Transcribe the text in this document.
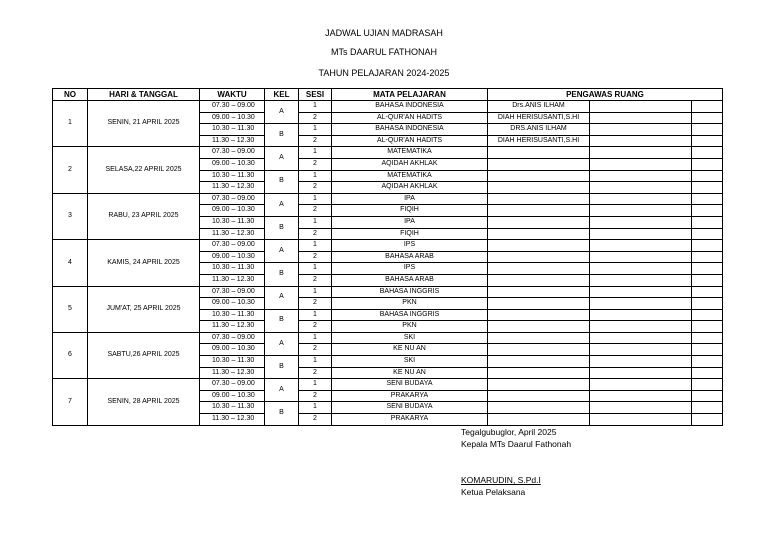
JADWAL UJIAN MADRASAH
MTs DAARUL FATHONAH
TAHUN PELAJARAN 2024-2025
NO	HARI & TANGGAL	WAKTU	KEL	SESI	MATA PELAJARAN	PENGAWAS RUANG		
1	SENIN, 21 APRIL 2025	07.30 – 09.00	A	1	BAHASA INDONESIA	Drs.ANIS ILHAM		
		09.00 – 10.30		2	AL-QUR'AN HADITS	DIAH HERISUSANTI,S.HI		
		10.30 – 11.30	B	1	BAHASA INDONESIA	DRS.ANIS ILHAM		
		11.30 – 12.30		2	AL-QUR'AN HADITS	DIAH HERISUSANTI,S.HI		
2	SELASA,22 APRIL 2025	07.30 – 09.00	A	1	MATEMATIKA			
		09.00 – 10.30		2	AQIDAH AKHLAK			
		10.30 – 11.30	B	1	MATEMATIKA			
		11.30 – 12.30		2	AQIDAH AKHLAK			
3	RABU, 23 APRIL 2025	07.30 – 09.00	A	1	IPA			
		09.00 – 10.30		2	FIQIH			
		10.30 – 11.30	B	1	IPA			
		11.30 – 12.30		2	FIQIH			
4	KAMIS, 24 APRIL 2025	07.30 – 09.00	A	1	IPS			
		09.00 – 10.30		2	BAHASA ARAB			
		10.30 – 11.30	B	1	IPS			
		11.30 – 12.30		2	BAHASA ARAB			
5	JUM'AT, 25 APRIL 2025	07.30 – 09.00	A	1	BAHASA INGGRIS			
		09.00 – 10.30		2	PKN			
		10.30 – 11.30	B	1	BAHASA INGGRIS			
		11.30 – 12.30		2	PKN			
6	SABTU,26 APRIL 2025	07.30 – 09.00	A	1	SKI			
		09.00 – 10.30		2	KE NU AN			
		10.30 – 11.30	B	1	SKI			
		11.30 – 12.30		2	KE NU AN			
7	SENIN, 28 APRIL 2025	07.30 – 09.00	A	1	SENI BUDAYA			
		09.00 – 10.30		2	PRAKARYA			
		10.30 – 11.30	B	1	SENI BUDAYA			
		11.30 – 12.30		2	PRAKARYA			
Tegalgubuglor, April 2025
Kepala MTs Daarul Fathonah
KOMARUDIN, S.Pd.I
Ketua Pelaksana
